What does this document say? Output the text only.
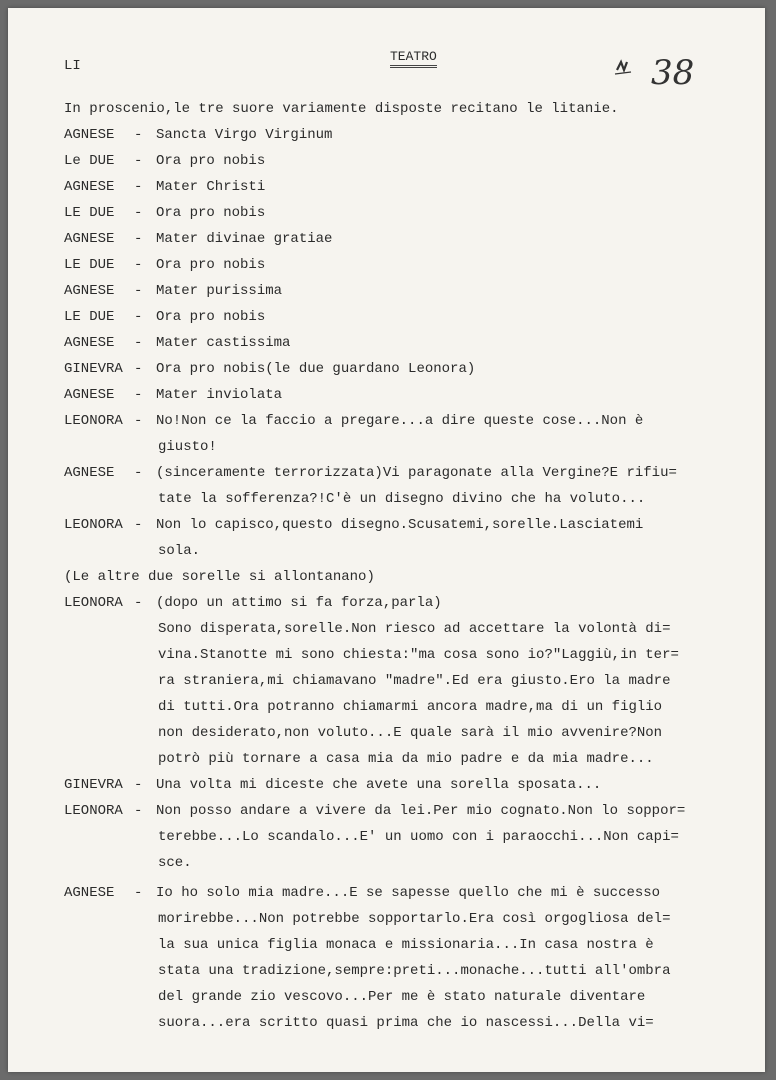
LI
TEATRO	38
In proscenio,le tre suore variamente disposte recitano le litanie.
AGNESE	- Sancta Virgo Virginum
Le DUE	- Ora pro nobis
AGNESE	- Mater Christi
LE DUE	- Ora pro nobis
AGNESE	- Mater divinae gratiae
LE DUE	- Ora pro nobis
AGNESE	- Mater purissima
LE DUE	- Ora pro nobis
AGNESE	- Mater castissima
GINEVRA - Ora pro nobis(le due guardano Leonora)
AGNESE	- Mater inviolata
LEONORA - No!Non ce la faccio a pregare...a dire queste cose...Non è
giusto!
AGNESE	- (sinceramente terrorizzata)Vi paragonate alla Vergine?E rifiu=
tate la sofferenza?!C'è un disegno divino che ha voluto...
LEONORA - Non lo capisco,questo disegno.Scusatemi,sorelle.Lasciatemi
sola.
(Le altre due sorelle si allontanano)
LEONORA - (dopo un attimo si fa forza,parla)
Sono disperata,sorelle.Non riesco ad accettare la volontà di=
vina.Stanotte mi sono chiesta:"ma cosa sono io?"Laggiù,in ter=
ra straniera,mi chiamavano "madre".Ed era giusto.Ero la madre
di tutti.Ora potranno chiamarmi ancora madre,ma di un figlio
non desiderato,non voluto...E quale sarà il mio avvenire?Non
potrò più tornare a casa mia da mio padre e da mia madre...
GINEVRA - Una volta mi diceste che avete una sorella sposata...
LEONORA - Non posso andare a vivere da lei.Per mio cognato.Non lo soppor=
terebbe...Lo scandalo...E' un uomo con i paraocchi...Non capi=
sce.
AGNESE	- Io ho solo mia madre...E se sapesse quello che mi è successo
morirebbe...Non potrebbe sopportarlo.Era così orgogliosa del=
la sua unica figlia monaca e missionaria...In casa nostra è
stata una tradizione,sempre:preti...monache...tutti all'ombra
del grande zio vescovo...Per me è stato naturale diventare
suora...era scritto quasi prima che io nascessi...Della vi=
